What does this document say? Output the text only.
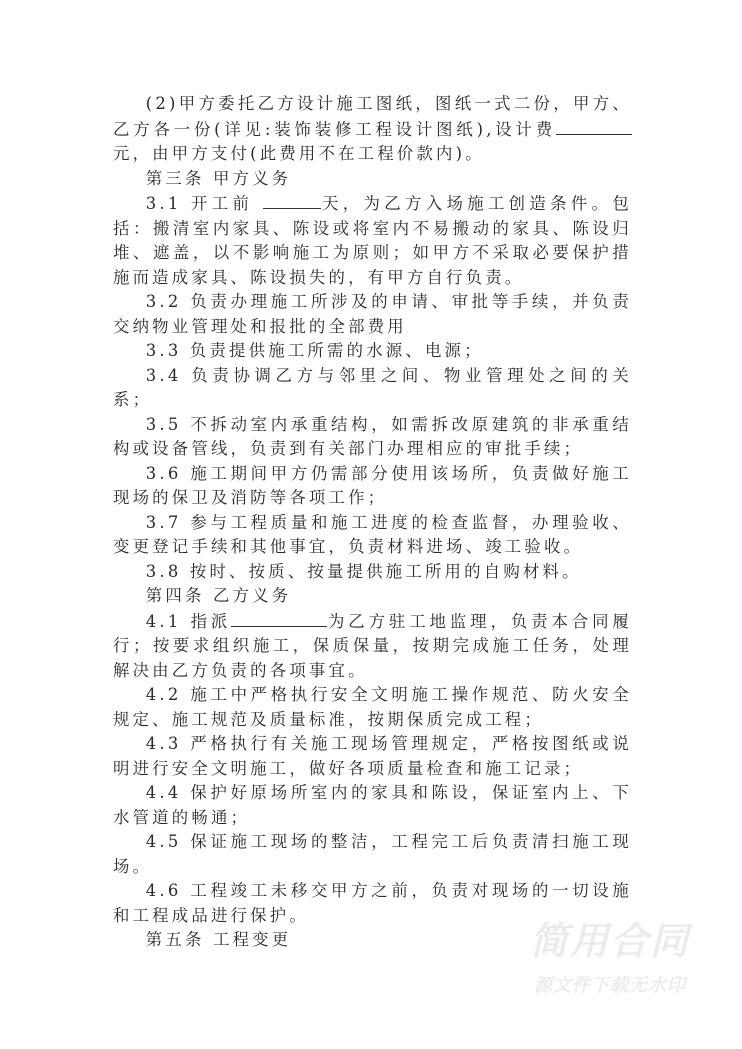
(2)甲方委托乙方设计施工图纸，图纸一式二份，甲方、乙方各一份(详见:装饰装修工程设计图纸),设计费元，由甲方支付(此费用不在工程价款内)。

第三条 甲方义务

3.1 开工前	天，为乙方入场施工创造条件。包括：搬清室内家具、陈设或将室内不易搬动的家具、陈设归堆、遮盖，以不影响施工为原则；如甲方不采取必要保护措施而造成家具、陈设损失的，有甲方自行负责。

3.2 负责办理施工所涉及的申请、审批等手续，并负责交纳物业管理处和报批的全部费用

3.3 负责提供施工所需的水源、电源；

3.4 负责协调乙方与邻里之间、物业管理处之间的关系；

3.5 不拆动室内承重结构，如需拆改原建筑的非承重结构或设备管线，负责到有关部门办理相应的审批手续；

3.6 施工期间甲方仍需部分使用该场所，负责做好施工现场的保卫及消防等各项工作；

3.7 参与工程质量和施工进度的检查监督，办理验收、变更登记手续和其他事宜，负责材料进场、竣工验收。

3.8 按时、按质、按量提供施工所用的自购材料。

第四条 乙方义务

4.1 指派	为乙方驻工地监理，负责本合同履行；按要求组织施工，保质保量，按期完成施工任务，处理解决由乙方负责的各项事宜。

4.2 施工中严格执行安全文明施工操作规范、防火安全规定、施工规范及质量标准，按期保质完成工程；

4.3 严格执行有关施工现场管理规定，严格按图纸或说明进行安全文明施工，做好各项质量检查和施工记录；

4.4 保护好原场所室内的家具和陈设，保证室内上、下水管道的畅通；

4.5 保证施工现场的整洁，工程完工后负责清扫施工现场。

4.6 工程竣工未移交甲方之前，负责对现场的一切设施和工程成品进行保护。

第五条 工程变更	简用合同
源文件下载无水印
